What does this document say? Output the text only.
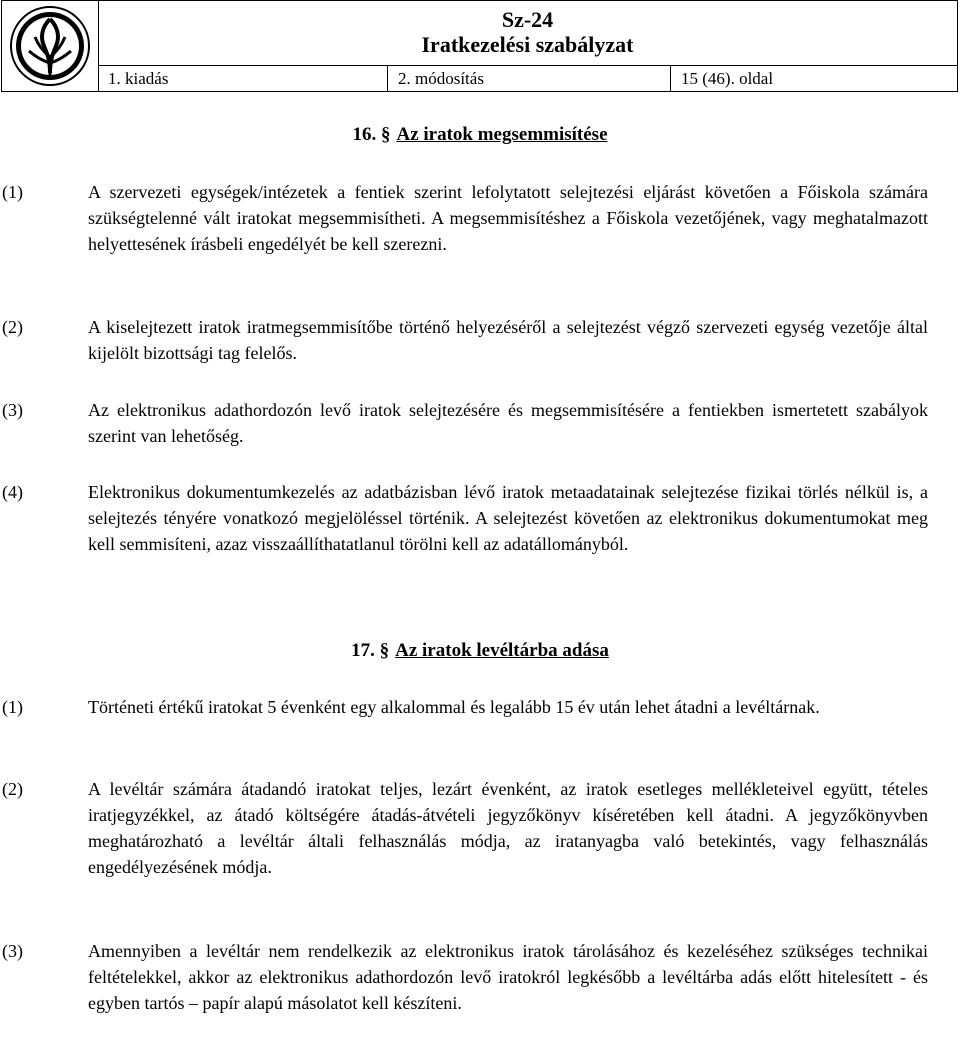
Sz-24
Iratkezelési szabályzat
1. kiadás	2. módosítás	15 (46). oldal
16. § Az iratok megsemmisítése
(1)	A szervezeti egységek/intézetek a fentiek szerint lefolytatott selejtezési eljárást követően a Főiskola számára szükségtelenné vált iratokat megsemmisítheti. A megsemmisítéshez a Főiskola vezetőjének, vagy meghatalmazott helyettesének írásbeli engedélyét be kell szerezni.
(2)	A kiselejtezett iratok iratmegsemmisítőbe történő helyezéséről a selejtezést végző szervezeti egység vezetője által kijelölt bizottsági tag felelős.
(3)	Az elektronikus adathordozón levő iratok selejtezésére és megsemmisítésére a fentiekben ismertetett szabályok szerint van lehetőség.
(4)	Elektronikus dokumentumkezelés az adatbázisban lévő iratok metaadatainak selejtezése fizikai törlés nélkül is, a selejtezés tényére vonatkozó megjelöléssel történik. A selejtezést követően az elektronikus dokumentumokat meg kell semmisíteni, azaz visszaállíthatatlanul törölni kell az adatállományból.
17. § Az iratok levéltárba adása
(1)	Történeti értékű iratokat 5 évenként egy alkalommal és legalább 15 év után lehet átadni a levéltárnak.
(2)	A levéltár számára átadandó iratokat teljes, lezárt évenként, az iratok esetleges mellékleteivel együtt, tételes iratjegyzékkel, az átadó költségére átadás-átvételi jegyzőkönyv kíséretében kell átadni. A jegyzőkönyvben meghatározható a levéltár általi felhasználás módja, az iratanyagba való betekintés, vagy felhasználás engedélyezésének módja.
(3)	Amennyiben a levéltár nem rendelkezik az elektronikus iratok tárolásához és kezeléséhez szükséges technikai feltételekkel, akkor az elektronikus adathordozón levő iratokról legkésőbb a levéltárba adás előtt hitelesített - és egyben tartós – papír alapú másolatot kell készíteni.
